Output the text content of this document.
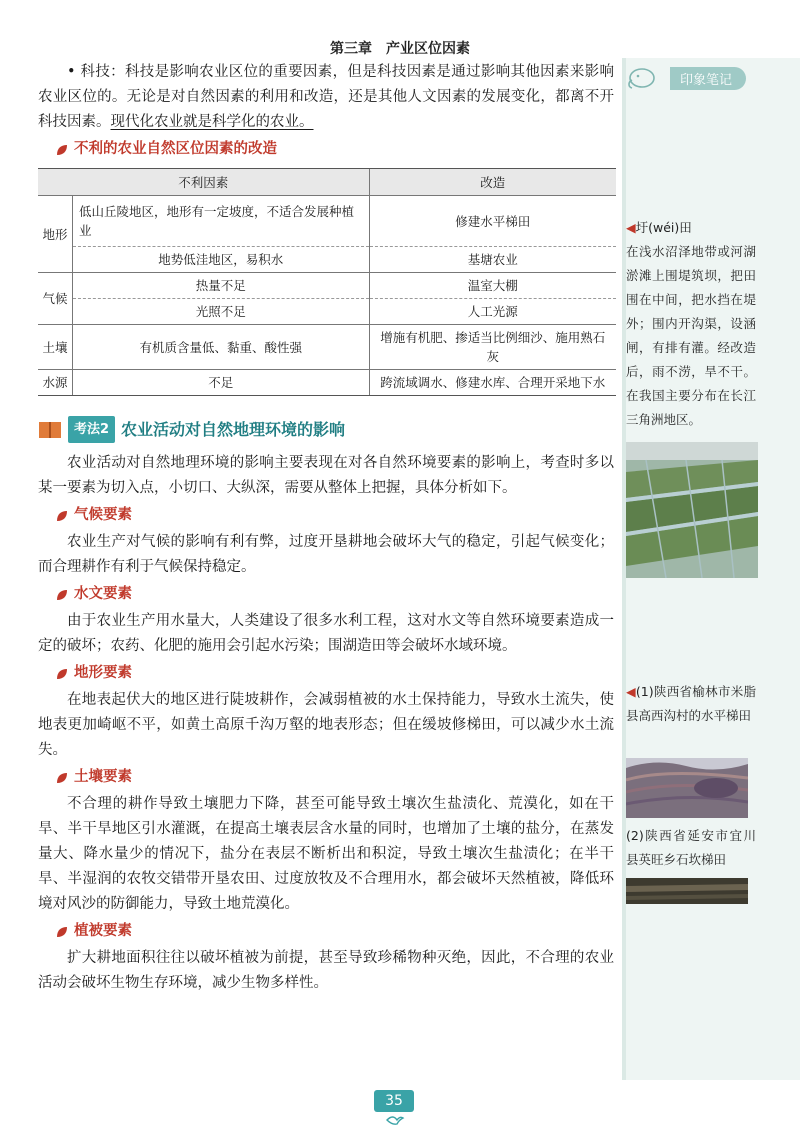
第三章　产业区位因素

• 科技：科技是影响农业区位的重要因素，但是科技因素是通过影响其他因素来影响农业区位的。无论是对自然因素的利用和改造，还是其他人文因素的发展变化，都离不开科技因素。现代化农业就是科学化的农业。

不利的农业自然区位因素的改造
不利因素		改造
地形	低山丘陵地区，地形有一定坡度，不适合发展种植业	修建水平梯田
	地势低洼地区，易积水	基塘农业
气候	热量不足	温室大棚
	光照不足	人工光源
土壤	有机质含量低、黏重、酸性强	增施有机肥、掺适当比例细沙、施用熟石灰
水源	不足	跨流域调水、修建水库、合理开采地下水
考法2 农业活动对自然地理环境的影响

农业活动对自然地理环境的影响主要表现在对各自然环境要素的影响上，考查时多以某一要素为切入点，小切口、大纵深，需要从整体上把握，具体分析如下。

气候要素

农业生产对气候的影响有利有弊，过度开垦耕地会破坏大气的稳定，引起气候变化；而合理耕作有利于气候保持稳定。

水文要素

由于农业生产用水量大，人类建设了很多水利工程，这对水文等自然环境要素造成一定的破坏；农药、化肥的施用会引起水污染；围湖造田等会破坏水域环境。

地形要素

在地表起伏大的地区进行陡坡耕作，会减弱植被的水土保持能力，导致水土流失，使地表更加崎岖不平，如黄土高原千沟万壑的地表形态；但在缓坡修梯田，可以减少水土流失。

土壤要素

不合理的耕作导致土壤肥力下降，甚至可能导致土壤次生盐渍化、荒漠化，如在干旱、半干旱地区引水灌溉，在提高土壤表层含水量的同时，也增加了土壤的盐分，在蒸发量大、降水量少的情况下，盐分在表层不断析出和积淀，导致土壤次生盐渍化；在半干旱、半湿润的农牧交错带开垦农田、过度放牧及不合理用水，都会破坏天然植被，降低环境对风沙的防御能力，导致土地荒漠化。

植被要素

扩大耕地面积往往以破坏植被为前提，甚至导致珍稀物种灭绝，因此，不合理的农业活动会破坏生物生存环境，减少生物多样性。

印象笔记
◀圩(wéi)田
在浅水沼泽地带或河湖淤滩上围堤筑坝，把田围在中间，把水挡在堤外；围内开沟渠，设涵闸，有排有灌。经改造后，雨不涝，旱不干。在我国主要分布在长江三角洲地区。
◀(1)陕西省榆林市米脂县高西沟村的水平梯田
(2)陕西省延安市宜川县英旺乡石坎梯田
35
